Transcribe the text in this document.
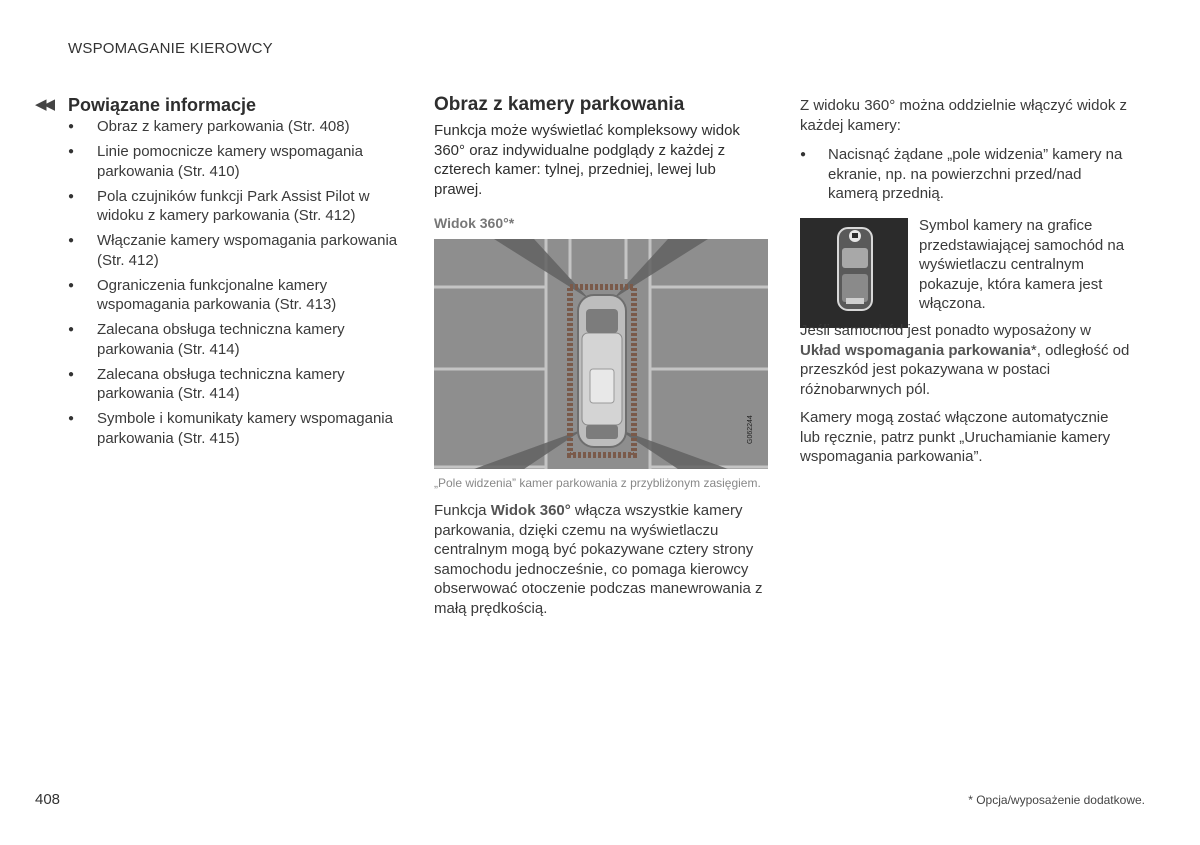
WSPOMAGANIE KIEROWCY
◀◀ Powiązane informacje
● Obraz z kamery parkowania (Str. 408)
● Linie pomocnicze kamery wspomagania parkowania (Str. 410)
● Pola czujników funkcji Park Assist Pilot w widoku z kamery parkowania (Str. 412)
● Włączanie kamery wspomagania parkowania (Str. 412)
● Ograniczenia funkcjonalne kamery wspomagania parkowania (Str. 413)
● Zalecana obsługa techniczna kamery parkowania (Str. 414)
● Zalecana obsługa techniczna kamery parkowania (Str. 414)
● Symbole i komunikaty kamery wspomagania parkowania (Str. 415)
Obraz z kamery parkowania

Funkcja może wyświetlać kompleksowy widok 360° oraz indywidualne podglądy z każdej z czterech kamer: tylnej, przedniej, lewej lub prawej.

Widok 360°*
G062244
„Pole widzenia” kamer parkowania z przybliżonym zasięgiem.

Funkcja Widok 360° włącza wszystkie kamery parkowania, dzięki czemu na wyświetlaczu centralnym mogą być pokazywane cztery strony samochodu jednocześnie, co pomaga kierowcy obserwować otoczenie podczas manewrowania z małą prędkością.

Z widoku 360° można oddzielnie włączyć widok z każdej kamery:

● Nacisnąć żądane „pole widzenia” kamery na ekranie, np. na powierzchni przed/nad kamerą przednią.
Symbol kamery na grafice przedstawiającej samochód na wyświetlaczu centralnym pokazuje, która kamera jest włączona.

Jeśli samochód jest ponadto wyposażony w Układ wspomagania parkowania*, odległość od przeszkód jest pokazywana w postaci różnobarwnych pól.

Kamery mogą zostać włączone automatycznie lub ręcznie, patrz punkt „Uruchamianie kamery wspomagania parkowania”.

408	* Opcja/wyposażenie dodatkowe.
